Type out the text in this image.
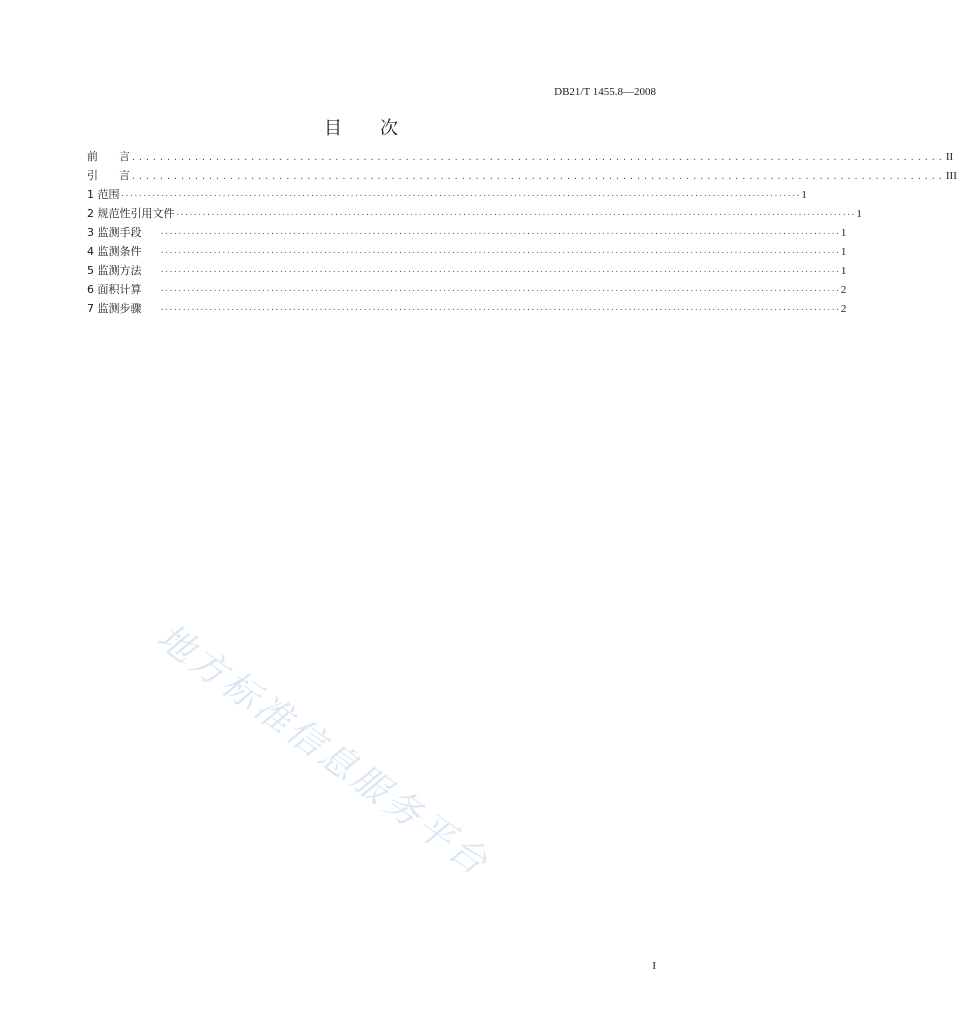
DB21/T 1455.8—2008
目 次
前      言 .................................................................................................................... II
引      言 .................................................................................................................... III
1 范围 ·························································································································································· 1
2 规范性引用文件 ·························································································································································· 1
3 监测手段	·························································································································································· 1
4 监测条件	·························································································································································· 1
5 监测方法	·························································································································································· 1
6 面积计算	·························································································································································· 2
7 监测步骤	·························································································································································· 2
地方标准信息服务平台
I
